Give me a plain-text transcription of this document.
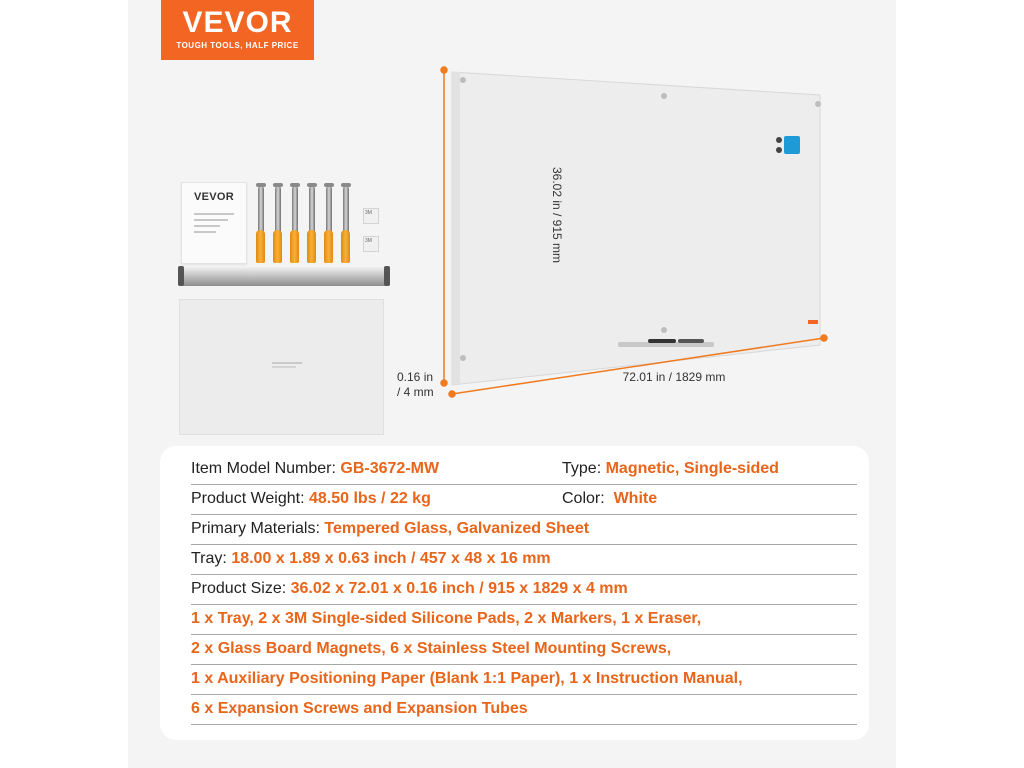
VEVOR
TOUGH TOOLS, HALF PRICE
VEVOR
3M
3M	36.02 in / 915 mm
72.01 in / 1829 mm
0.16 in
/ 4 mm
Item Model Number: GB-3672-MW	Type: Magnetic, Single-sided
Product Weight: 48.50 lbs / 22 kg	Color: White
Primary Materials: Tempered Glass, Galvanized Sheet
Tray: 18.00 x 1.89 x 0.63 inch / 457 x 48 x 16 mm
Product Size: 36.02 x 72.01 x 0.16 inch / 915 x 1829 x 4 mm
1 x Tray, 2 x 3M Single-sided Silicone Pads, 2 x Markers, 1 x Eraser,
2 x Glass Board Magnets, 6 x Stainless Steel Mounting Screws,
1 x Auxiliary Positioning Paper (Blank 1:1 Paper), 1 x Instruction Manual,
6 x Expansion Screws and Expansion Tubes
